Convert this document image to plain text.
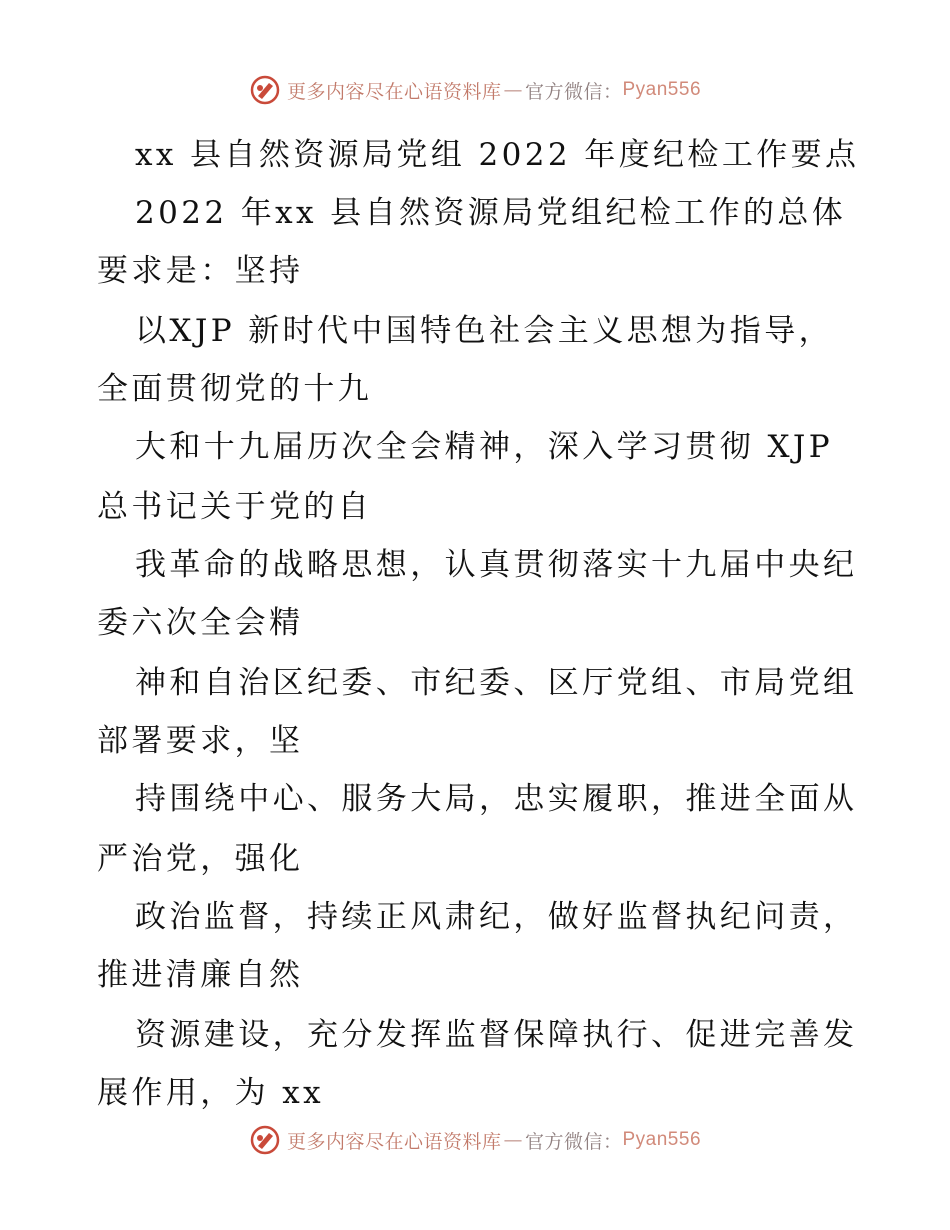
更多内容尽在心语资料库 — 官方微信： Pyan556
xx 县自然资源局党组 2022 年度纪检工作要点
2022 年xx 县自然资源局党组纪检工作的总体
要求是：坚持
以XJP 新时代中国特色社会主义思想为指导，
全面贯彻党的十九
大和十九届历次全会精神，深入学习贯彻 XJP
总书记关于党的自
我革命的战略思想，认真贯彻落实十九届中央纪
委六次全会精
神和自治区纪委、市纪委、区厅党组、市局党组
部署要求，坚
持围绕中心、服务大局，忠实履职，推进全面从
严治党，强化
政治监督，持续正风肃纪，做好监督执纪问责，
推进清廉自然
资源建设，充分发挥监督保障执行、促进完善发
展作用，为 xx
更多内容尽在心语资料库 — 官方微信： Pyan556
